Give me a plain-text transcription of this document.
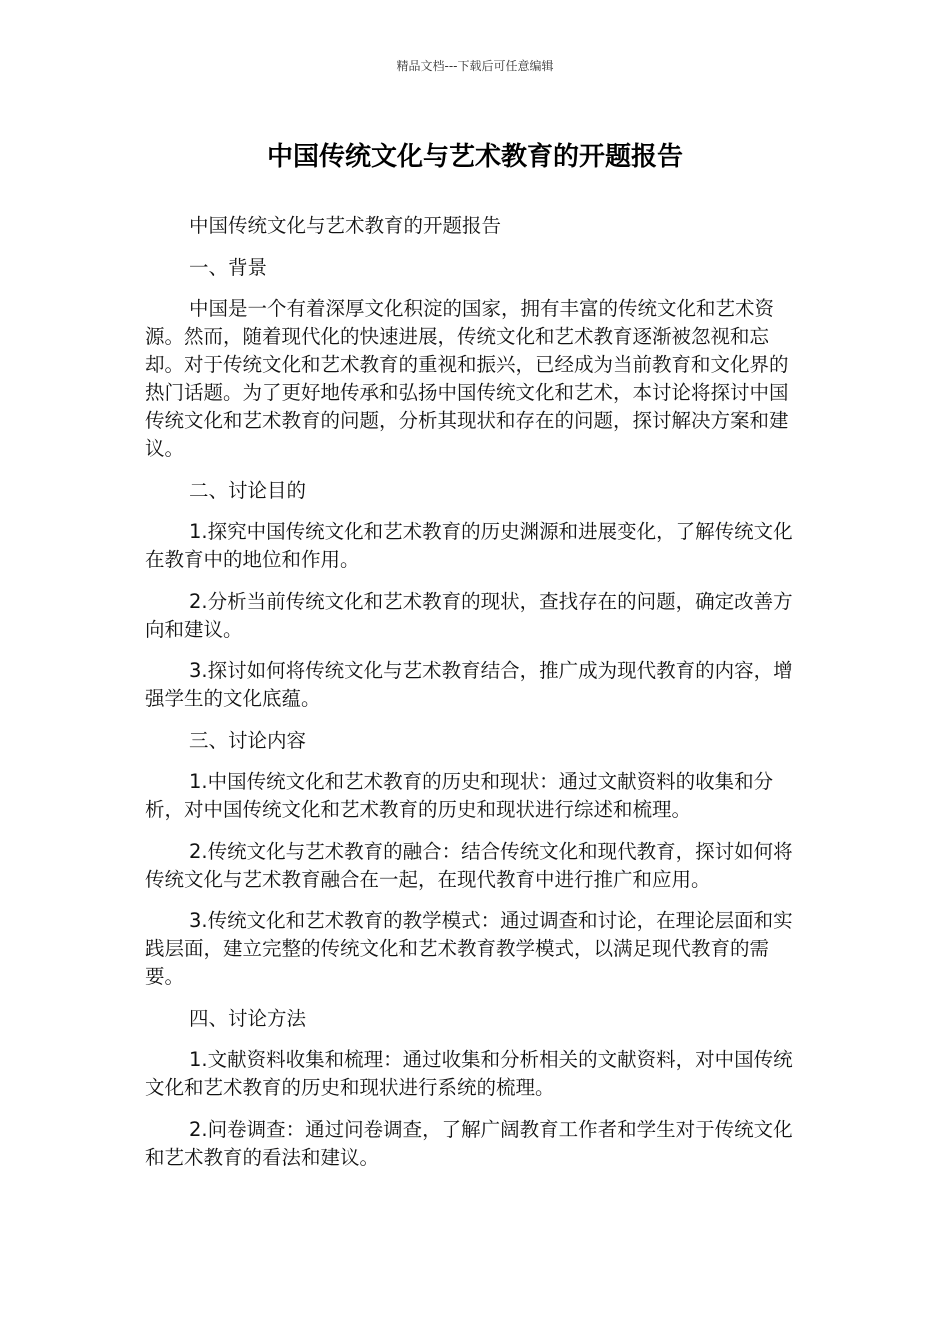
精品文档---下载后可任意编辑
中国传统文化与艺术教育的开题报告

中国传统文化与艺术教育的开题报告

一、背景

中国是一个有着深厚文化积淀的国家，拥有丰富的传统文化和艺术资源。然而，随着现代化的快速进展，传统文化和艺术教育逐渐被忽视和忘却。对于传统文化和艺术教育的重视和振兴，已经成为当前教育和文化界的热门话题。为了更好地传承和弘扬中国传统文化和艺术，本讨论将探讨中国传统文化和艺术教育的问题，分析其现状和存在的问题，探讨解决方案和建议。

二、讨论目的

1.探究中国传统文化和艺术教育的历史渊源和进展变化，了解传统文化在教育中的地位和作用。

2.分析当前传统文化和艺术教育的现状，查找存在的问题，确定改善方向和建议。

3.探讨如何将传统文化与艺术教育结合，推广成为现代教育的内容，增强学生的文化底蕴。

三、讨论内容

1.中国传统文化和艺术教育的历史和现状：通过文献资料的收集和分析，对中国传统文化和艺术教育的历史和现状进行综述和梳理。

2.传统文化与艺术教育的融合：结合传统文化和现代教育，探讨如何将传统文化与艺术教育融合在一起，在现代教育中进行推广和应用。

3.传统文化和艺术教育的教学模式：通过调查和讨论，在理论层面和实践层面，建立完整的传统文化和艺术教育教学模式，以满足现代教育的需要。

四、讨论方法

1.文献资料收集和梳理：通过收集和分析相关的文献资料，对中国传统文化和艺术教育的历史和现状进行系统的梳理。

2.问卷调查：通过问卷调查，了解广阔教育工作者和学生对于传统文化和艺术教育的看法和建议。
